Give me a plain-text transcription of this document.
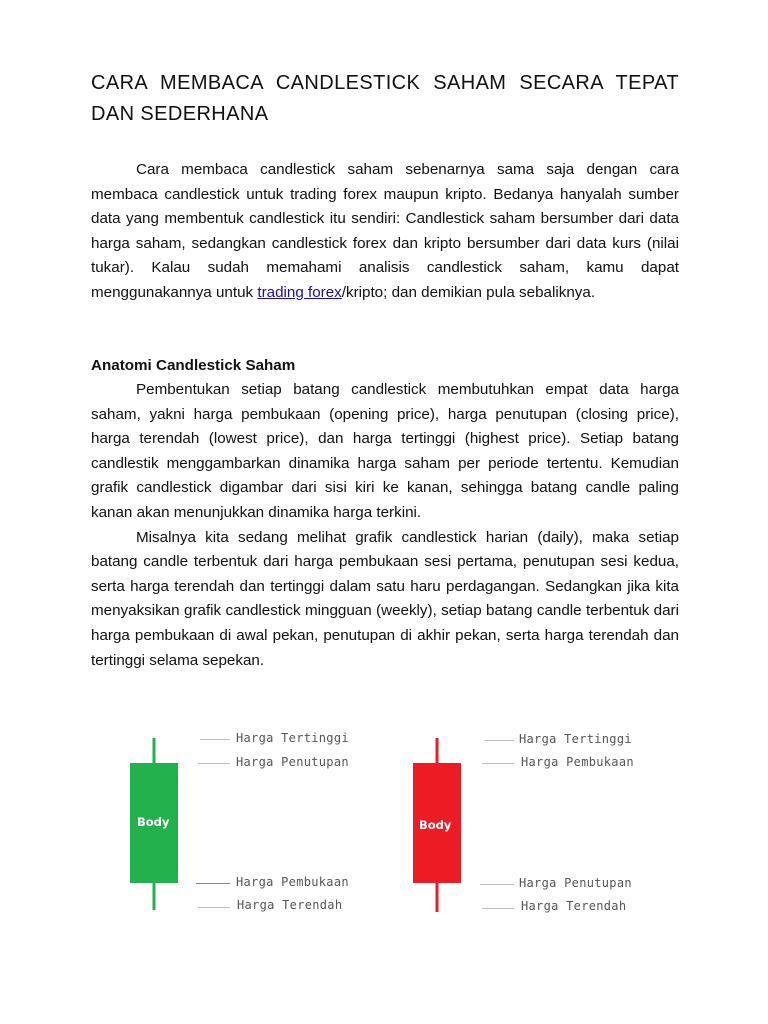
CARA MEMBACA CANDLESTICK SAHAM SECARA TEPAT DAN SEDERHANA

Cara membaca candlestick saham sebenarnya sama saja dengan cara membaca candlestick untuk trading forex maupun kripto. Bedanya hanyalah sumber data yang membentuk candlestick itu sendiri: Candlestick saham bersumber dari data harga saham, sedangkan candlestick forex dan kripto bersumber dari data kurs (nilai tukar). Kalau sudah memahami analisis candlestick saham, kamu dapat menggunakannya untuk trading forex/kripto; dan demikian pula sebaliknya.

Anatomi Candlestick Saham

Pembentukan setiap batang candlestick membutuhkan empat data harga saham, yakni harga pembukaan (opening price), harga penutupan (closing price), harga terendah (lowest price), dan harga tertinggi (highest price). Setiap batang candlestik menggambarkan dinamika harga saham per periode tertentu. Kemudian grafik candlestick digambar dari sisi kiri ke kanan, sehingga batang candle paling kanan akan menunjukkan dinamika harga terkini.

Misalnya kita sedang melihat grafik candlestick harian (daily), maka setiap batang candle terbentuk dari harga pembukaan sesi pertama, penutupan sesi kedua, serta harga terendah dan tertinggi dalam satu haru perdagangan. Sedangkan jika kita menyaksikan grafik candlestick mingguan (weekly), setiap batang candle terbentuk dari harga pembukaan di awal pekan, penutupan di akhir pekan, serta harga terendah dan tertinggi selama sepekan.

Body	Body
Harga Tertinggi
Harga Penutupan
Harga Pembukaan
Harga Terendah
Harga Tertinggi
Harga Pembukaan
Harga Penutupan
Harga Terendah
